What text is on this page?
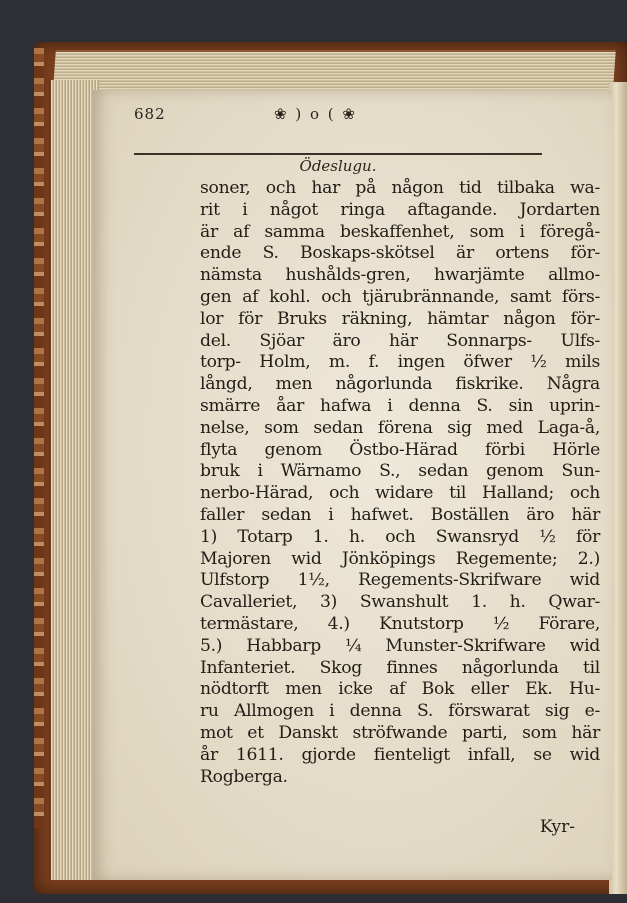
682	❀ ) o ( ❀
Ödeslugu.
soner, och har på någon tid tilbaka wa-
rit i något ringa aftagande. Jordarten
är af samma beskaffenhet, som i föregå-
ende S. Boskaps-skötsel är ortens för-
nämsta hushålds-gren, hwarjämte allmo-
gen af kohl. och tjärubrännande, samt förs-
lor för Bruks räkning, hämtar någon för-
del. Sjöar äro här Sonnarps- Ulfs-
torp- Holm, m. f. ingen öfwer ½ mils
långd, men någorlunda fiskrike. Några
smärre åar hafwa i denna S. sin uprin-
nelse, som sedan förena sig med Laga-å,
flyta genom Östbo-Härad förbi Hörle
bruk i Wärnamo S., sedan genom Sun-
nerbo-Härad, och widare til Halland; och
faller sedan i hafwet. Boställen äro här
1) Totarp 1. h. och Swansryd ½ för
Majoren wid Jönköpings Regemente; 2.)
Ulfstorp 1½, Regements-Skrifware wid
Cavalleriet, 3) Swanshult 1. h. Qwar-
termästare, 4.) Knutstorp ½ Förare,
5.) Habbarp ¼ Munster-Skrifware wid
Infanteriet. Skog finnes någorlunda til
nödtorft men icke af Bok eller Ek. Hu-
ru Allmogen i denna S. förswarat sig e-
mot et Danskt ströfwande parti, som här
år 1611. gjorde fienteligt infall, se wid
Rogberga.
Kyr-
